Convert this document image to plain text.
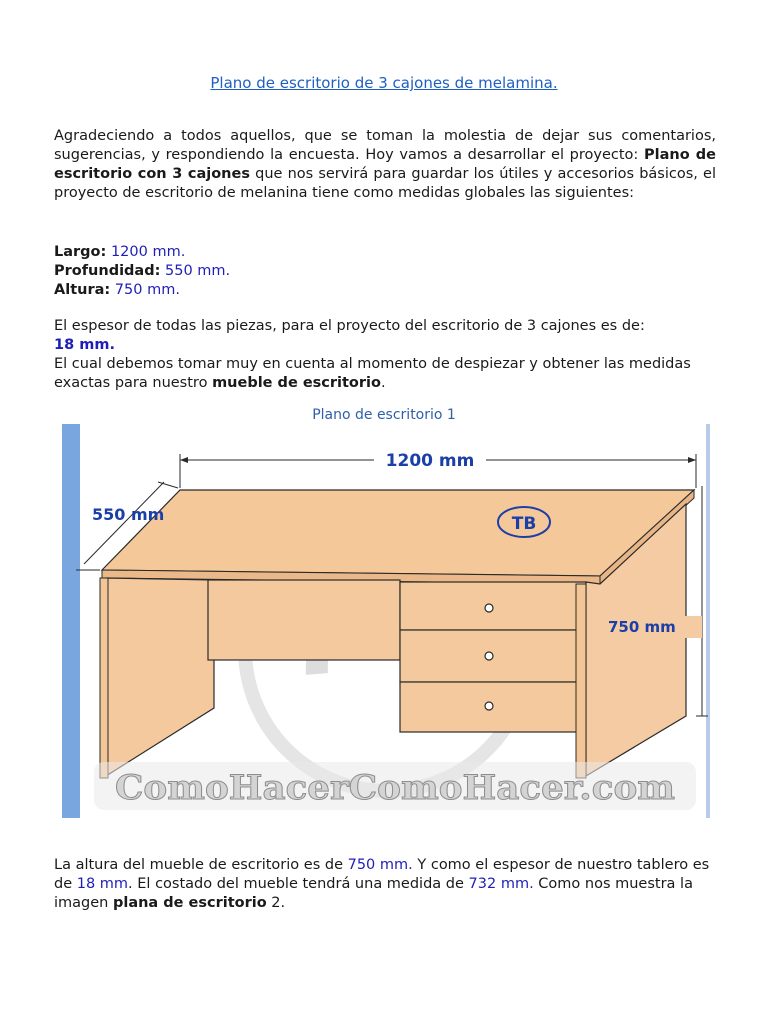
Plano de escritorio de 3 cajones de melamina.
Agradeciendo a todos aquellos, que se toman la molestia de dejar sus comentarios, sugerencias, y respondiendo la encuesta. Hoy vamos a desarrollar el proyecto: Plano de escritorio con 3 cajones que nos servirá para guardar los útiles y accesorios básicos, el proyecto de escritorio de melanina tiene como medidas globales las siguientes:
Largo: 1200 mm.
Profundidad: 550 mm.
Altura: 750 mm.
El espesor de todas las piezas, para el proyecto del escritorio de 3 cajones es de:
18 mm.
El cual debemos tomar muy en cuenta al momento de despiezar y obtener las medidas exactas para nuestro mueble de escritorio.
Plano de escritorio 1
1200 mm
550 mm
750 mm
TB
ComoHacerComoHacer.com
La altura del mueble de escritorio es de 750 mm. Y como el espesor de nuestro tablero es de 18 mm. El costado del mueble tendrá una medida de 732 mm. Como nos muestra la imagen plana de escritorio 2.
